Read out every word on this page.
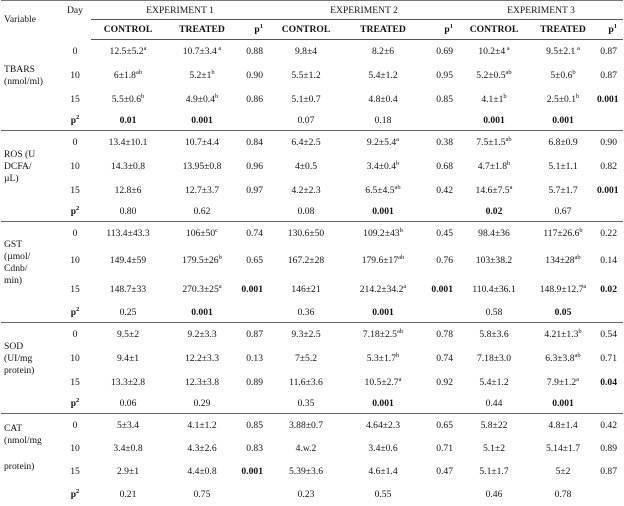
Variable	Day	EXPERIMENT 1			EXPERIMENT 2			EXPERIMENT 3		
		CONTROL	TREATED	$p^1$	CONTROL	TREATED	$p^1$	CONTROL	TREATED	$p^1$

TBARS
(nmol/ml)	0	12.5±5.2$^a$	10.7±3.4 $^a$	0.88	9.8±4	8.2±6	0.69	10.2±4 $^a$	9.5±2.1 $^a$	0.87
	10	6±1.8$^{ab}$	$5.2\pm 1^b$	0.90	5.5±1.2	5.4±1.2	0.95	5.2±0.5$^{ab}$	5±0.6$^b$	0.87
	15	5.5±0.6$^b$	4.9±0.4$^b$	0.86	5.1±0.7	4.8±0.4	0.85	$4.1\pm 1^b$	2.5±0.1$^b$	0.001
	$p^2$	0.01	0.001		0.07	0.18		0.001	0.001	

ROS (U
DCFA/
µL)	0	13.4±10.1	10.7±4.4	0.84	6.4±2.5	9.2±5.4$^a$	0.38	7.5±1.5$^{ab}$	6.8±0.9	0.90
	10	14.3±0.8	13.95±0.8	0.96	4±0.5	3.4±0.4$^b$	0.68	4.7±1.8$^b$	5.1±1.1	0.82
	15	12.8±6	12.7±3.7	0.97	4.2±2.3	6.5±4.5$^{ab}$	0.42	14.6±7.5$^a$	5.7±1.7	0.001
	$p^2$	0.80	0.62		0.08	0.001		0.02	0.67	

GST
(µmol/
Cdnb/
min)	0	113.4±43.3	$106\pm 50^c$	0.74	130.6±50	$109.2\pm 43^b$	0.45	98.4±36	117±26.6$^b$	0.22
	10	149.4±59	$179.5\pm 26^b$	0.65	167.2±28	$179.6\pm 17^{ab}$	0.76	103±38.2	$134\pm 28^{ab}$	0.14
	15	148.7±33	$270.3\pm 25^a$	0.001	146±21	214.2±34.2$^a$	0.001	110.4±36.1	148.9±12.7$^a$	0.02
	$p^2$	0.25	0.001		0.36	0.001		0.58	0.05	

SOD
(UI/mg
protein)	0	9.5±2	9.2±3.3	0.87	9.3±2.5	7.18±2.5$^{ab}$	0.78	5.8±3.6	4.21±1.3$^b$	0.54
	10	9.4±1	12.2±3.3	0.13	7±5.2	5.3±1.7$^b$	0.74	7.18±3.0	6.3±3.8$^{ab}$	0.71
	15	13.3±2.8	12.3±3.8	0.89	11.6±3.6	10.5±2.7$^a$	0.92	5.4±1.2	7.9±1.2$^a$	0.04
	$p^2$	0.06	0.29		0.35	0.001		0.44	0.001	

CAT
(nmol/mg
protein)	0	5±3.4	4.1±1.2	0.85	3.88±0.7	4.64±2.3	0.65	5.8±22	4.8±1.4	0.42
	10	3.4±0.8	4.3±2.6	0.83	4.w.2	3.4±0.6	0.71	5.1±2	5.14±1.7	0.89
	15	2.9±1	4.4±0.8	0.001	5.39±3.6	4.6±1.4	0.47	5.1±1.7	5±2	0.87
	$p^2$	0.21	0.75		0.23	0.55		0.46	0.78	
